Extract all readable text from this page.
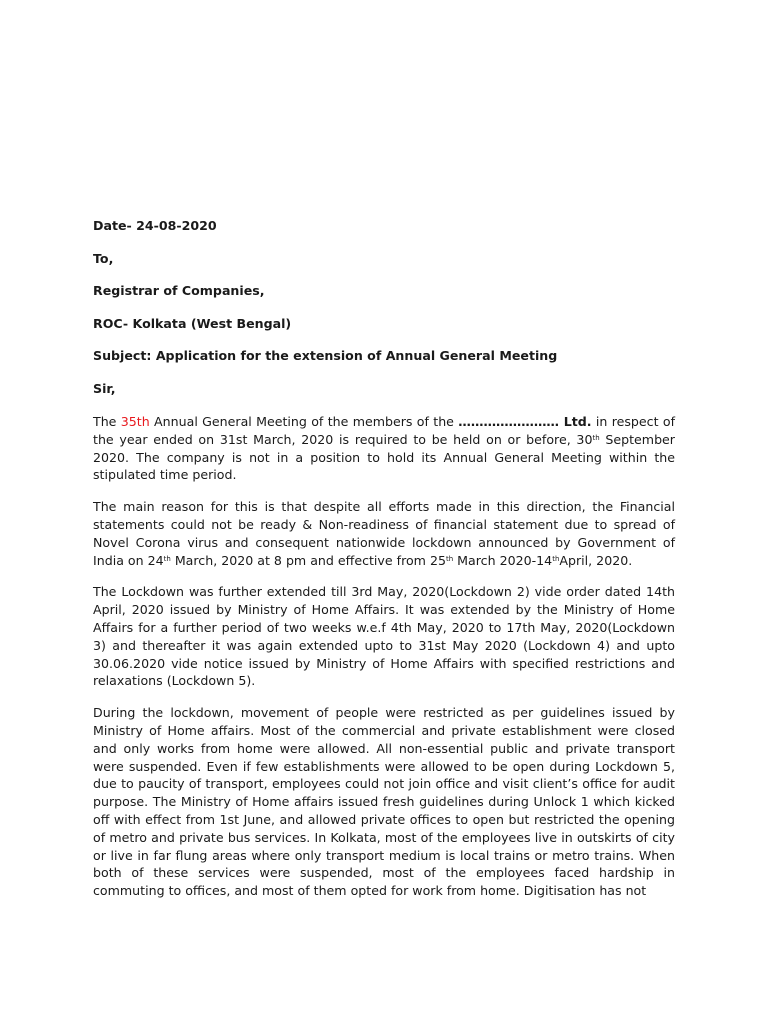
Date- 24-08-2020
To,
Registrar of Companies,
ROC- Kolkata (West Bengal)
Subject: Application for the extension of Annual General Meeting
Sir,

The 35th Annual General Meeting of the members of the …………………… Ltd. in respect of the year ended on 31st March, 2020 is required to be held on or before, 30th September 2020. The company is not in a position to hold its Annual General Meeting within the stipulated time period.

The main reason for this is that despite all efforts made in this direction, the Financial statements could not be ready & Non-readiness of financial statement due to spread of Novel Corona virus and consequent nationwide lockdown announced by Government of India on 24th March, 2020 at 8 pm and effective from 25th March 2020-14thApril, 2020.

The Lockdown was further extended till 3rd May, 2020(Lockdown 2) vide order dated 14th April, 2020 issued by Ministry of Home Affairs. It was extended by the Ministry of Home Affairs for a further period of two weeks w.e.f 4th May, 2020 to 17th May, 2020(Lockdown 3) and thereafter it was again extended upto to 31st May 2020 (Lockdown 4) and upto 30.06.2020 vide notice issued by Ministry of Home Affairs with specified restrictions and relaxations (Lockdown 5).

During the lockdown, movement of people were restricted as per guidelines issued by Ministry of Home affairs. Most of the commercial and private establishment were closed and only works from home were allowed. All non-essential public and private transport were suspended. Even if few establishments were allowed to be open during Lockdown 5, due to paucity of transport, employees could not join office and visit client’s office for audit purpose. The Ministry of Home affairs issued fresh guidelines during Unlock 1 which kicked off with effect from 1st June, and allowed private offices to open but restricted the opening of metro and private bus services. In Kolkata, most of the employees live in outskirts of city or live in far flung areas where only transport medium is local trains or metro trains. When both of these services were suspended, most of the employees faced hardship in commuting to offices, and most of them opted for work from home. Digitisation has not
